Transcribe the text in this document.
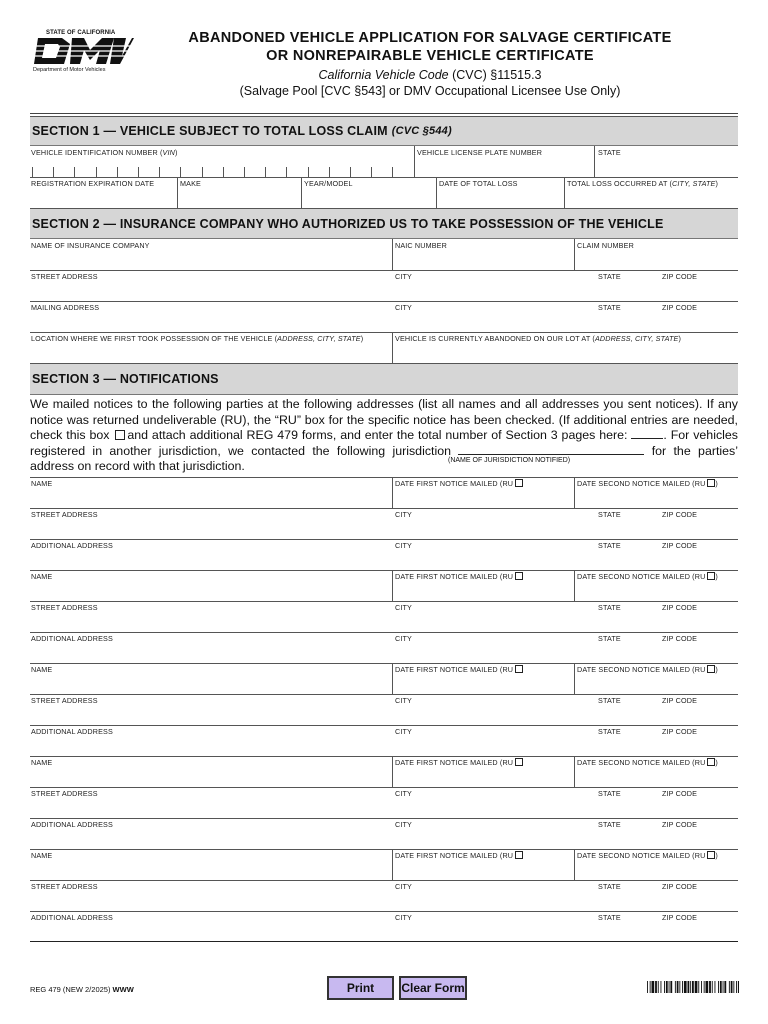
STATE OF CALIFORNIA
Department of Motor Vehicles
ABANDONED VEHICLE APPLICATION FOR SALVAGE CERTIFICATE
OR NONREPAIRABLE VEHICLE CERTIFICATE
California Vehicle Code (CVC) §11515.3
(Salvage Pool [CVC §543] or DMV Occupational Licensee Use Only)
SECTION 1 — VEHICLE SUBJECT TO TOTAL LOSS CLAIM (CVC §544)
VEHICLE IDENTIFICATION NUMBER (VIN)	VEHICLE LICENSE PLATE NUMBER	STATE
REGISTRATION EXPIRATION DATE	MAKE	YEAR/MODEL	DATE OF TOTAL LOSS	TOTAL LOSS OCCURRED AT (CITY, STATE)
SECTION 2 — INSURANCE COMPANY WHO AUTHORIZED US TO TAKE POSSESSION OF THE VEHICLE
NAME OF INSURANCE COMPANY	NAIC NUMBER	CLAIM NUMBER
STREET ADDRESS	CITY	STATE	ZIP CODE
MAILING ADDRESS	CITY	STATE	ZIP CODE
LOCATION WHERE WE FIRST TOOK POSSESSION OF THE VEHICLE (ADDRESS, CITY, STATE)	VEHICLE IS CURRENTLY ABANDONED ON OUR LOT AT (ADDRESS, CITY, STATE)
SECTION 3 — NOTIFICATIONS
We mailed notices to the following parties at the following addresses (list all names and all addresses you sent notices). If any notice was returned undeliverable (RU), the “RU” box for the specific notice has been checked. (If additional entries are needed, check this box and attach additional REG 479 forms, and enter the total number of Section 3 pages here:	. For vehicles registered in another jurisdiction, we contacted the following jurisdiction	for the parties’ address on record with that jurisdiction.	(NAME OF JURISDICTION NOTIFIED)
NAME	DATE FIRST NOTICE MAILED (RU	DATE SECOND NOTICE MAILED (RU )
STREET ADDRESS	CITY	STATE	ZIP CODE
ADDITIONAL ADDRESS	CITY	STATE	ZIP CODE
NAME	DATE FIRST NOTICE MAILED (RU	DATE SECOND NOTICE MAILED (RU )
STREET ADDRESS	CITY	STATE	ZIP CODE
ADDITIONAL ADDRESS	CITY	STATE	ZIP CODE
NAME	DATE FIRST NOTICE MAILED (RU	DATE SECOND NOTICE MAILED (RU )
STREET ADDRESS	CITY	STATE	ZIP CODE
ADDITIONAL ADDRESS	CITY	STATE	ZIP CODE
NAME	DATE FIRST NOTICE MAILED (RU	DATE SECOND NOTICE MAILED (RU )
STREET ADDRESS	CITY	STATE	ZIP CODE
ADDITIONAL ADDRESS	CITY	STATE	ZIP CODE
NAME	DATE FIRST NOTICE MAILED (RU	DATE SECOND NOTICE MAILED (RU )
STREET ADDRESS	CITY	STATE	ZIP CODE
ADDITIONAL ADDRESS	CITY	STATE	ZIP CODE
REG 479 (NEW 2/2025) WWW	Print	Clear Form
